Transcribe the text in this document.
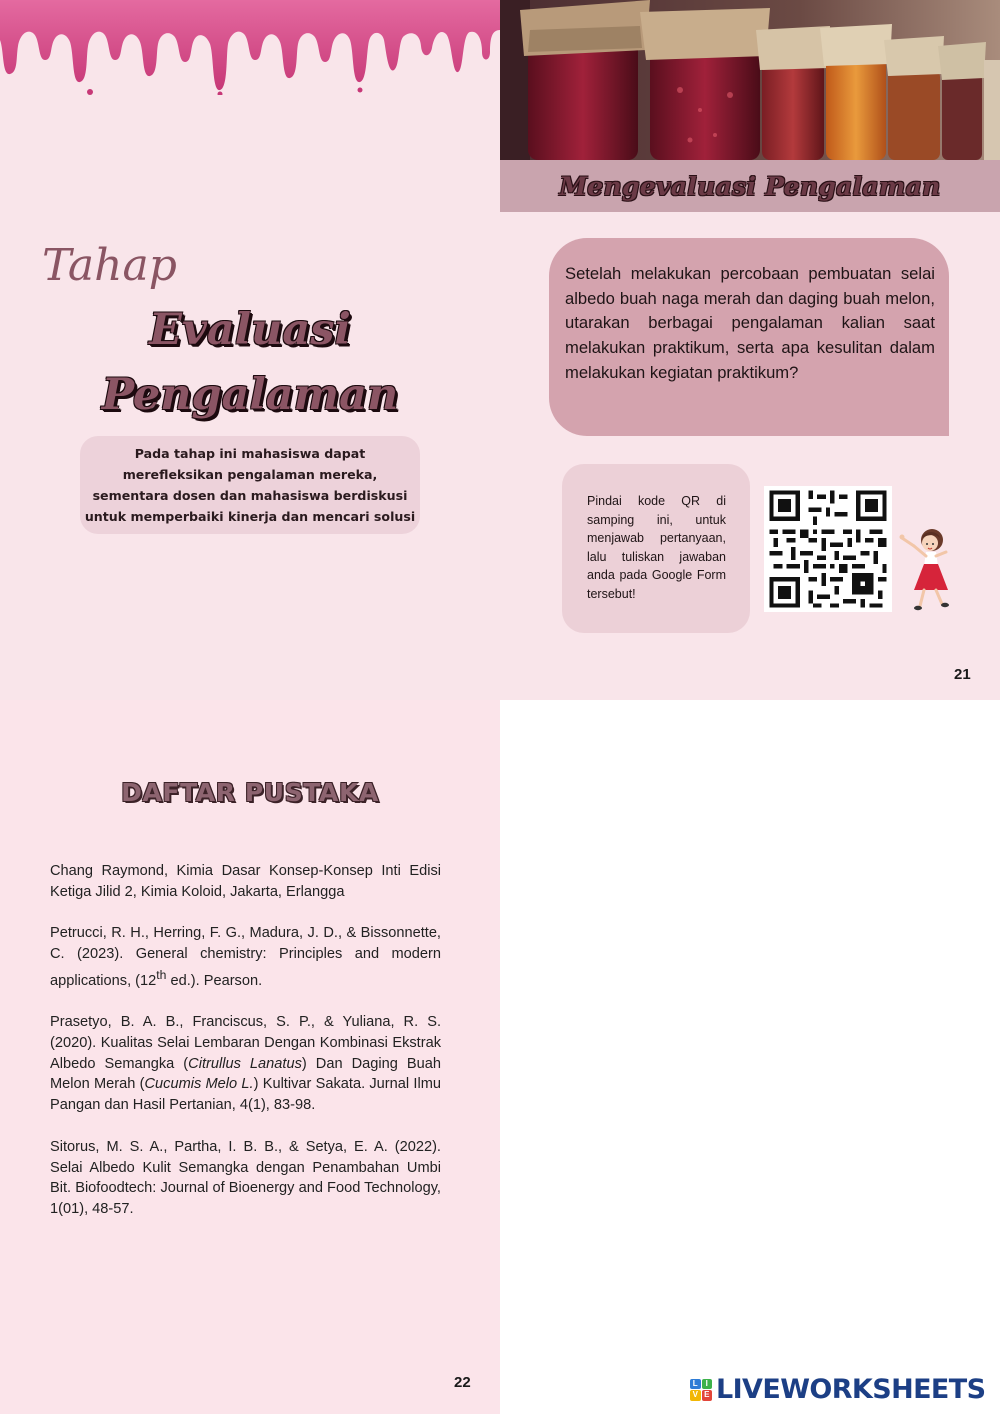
Mengevaluasi Pengalaman
Tahap
Evaluasi
Pengalaman
Pada tahap ini mahasiswa dapat merefleksikan pengalaman mereka, sementara dosen dan mahasiswa berdiskusi untuk memperbaiki kinerja dan mencari solusi
Setelah melakukan percobaan pembuatan selai albedo buah naga merah dan daging buah melon, utarakan berbagai pengalaman kalian saat melakukan praktikum, serta apa kesulitan dalam melakukan kegiatan praktikum?
Pindai kode QR di samping ini, untuk menjawab pertanyaan, lalu tuliskan jawaban anda pada Google Form tersebut!
21
DAFTAR PUSTAKA

Chang Raymond, Kimia Dasar Konsep-Konsep Inti Edisi Ketiga Jilid 2, Kimia Koloid, Jakarta, Erlangga

Petrucci, R. H., Herring, F. G., Madura, J. D., & Bissonnette, C. (2023). General chemistry: Principles and modern applications, (12th ed.). Pearson.

Prasetyo, B. A. B., Franciscus, S. P., & Yuliana, R. S. (2020). Kualitas Selai Lembaran Dengan Kombinasi Ekstrak Albedo Semangka (Citrullus Lanatus) Dan Daging Buah Melon Merah (Cucumis Melo L.) Kultivar Sakata. Jurnal Ilmu Pangan dan Hasil Pertanian, 4(1), 83-98.

Sitorus, M. S. A., Partha, I. B. B., & Setya, E. A. (2022). Selai Albedo Kulit Semangka dengan Penambahan Umbi Bit. Biofoodtech: Journal of Bioenergy and Food Technology, 1(01), 48-57.

22	L I
V E LIVEWORKSHEETS
